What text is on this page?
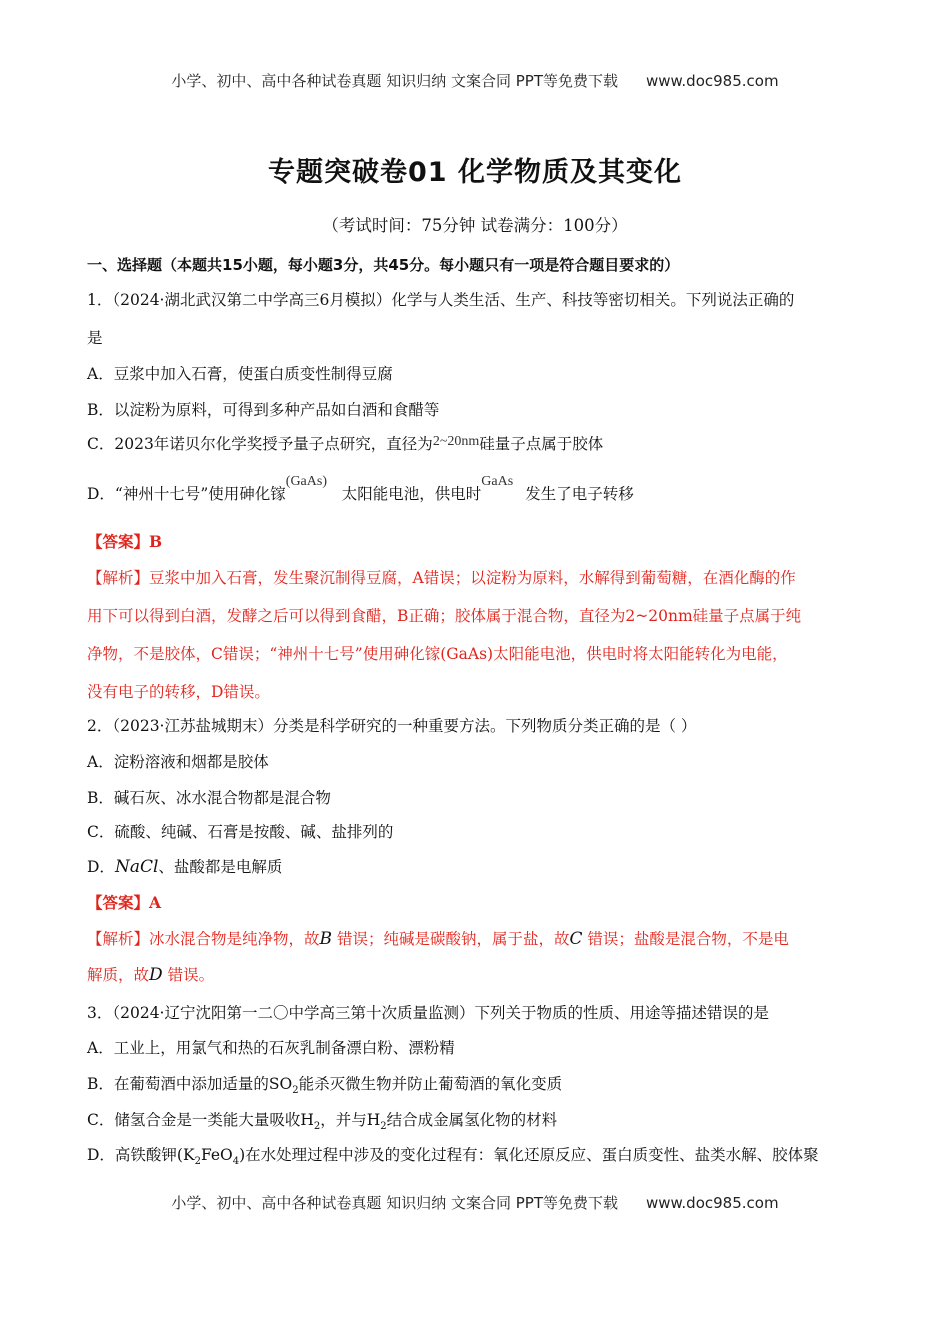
小学、初中、高中各种试卷真题 知识归纳 文案合同 PPT等免费下载 www.doc985.com
专题突破卷01 化学物质及其变化
（考试时间：75分钟 试卷满分：100分）
一、选择题（本题共15小题，每小题3分，共45分。每小题只有一项是符合题目要求的）
1．（2024·湖北武汉第二中学高三6月模拟）化学与人类生活、生产、科技等密切相关。下列说法正确的
是
A．豆浆中加入石膏，使蛋白质变性制得豆腐
B．以淀粉为原料，可得到多种产品如白酒和食醋等
C．2023年诺贝尔化学奖授予量子点研究，直径为2~20nm硅量子点属于胶体
D．“神州十七号”使用砷化镓(GaAs)太阳能电池，供电时GaAs发生了电子转移
【答案】B
【解析】豆浆中加入石膏，发生聚沉制得豆腐，A错误；以淀粉为原料，水解得到葡萄糖，在酒化酶的作
用下可以得到白酒，发酵之后可以得到食醋，B正确；胶体属于混合物，直径为2~20nm硅量子点属于纯
净物，不是胶体，C错误；“神州十七号”使用砷化镓(GaAs)太阳能电池，供电时将太阳能转化为电能，
没有电子的转移，D错误。
2．（2023·江苏盐城期末）分类是科学研究的一种重要方法。下列物质分类正确的是（ ）
A．淀粉溶液和烟都是胶体
B．碱石灰、冰水混合物都是混合物
C．硫酸、纯碱、石膏是按酸、碱、盐排列的
D．NaCl、盐酸都是电解质
【答案】A
【解析】冰水混合物是纯净物，故B 错误；纯碱是碳酸钠，属于盐，故C 错误；盐酸是混合物，不是电
解质，故D 错误。
3．（2024·辽宁沈阳第一二〇中学高三第十次质量监测）下列关于物质的性质、用途等描述错误的是
A．工业上，用氯气和热的石灰乳制备漂白粉、漂粉精
B．在葡萄酒中添加适量的$SO_2$能杀灭微生物并防止葡萄酒的氧化变质
C．储氢合金是一类能大量吸收$H_2$，并与$H_2$结合成金属氢化物的材料
D．高铁酸钾$(K_2FeO_4)$在水处理过程中涉及的变化过程有：氧化还原反应、蛋白质变性、盐类水解、胶体聚
小学、初中、高中各种试卷真题 知识归纳 文案合同 PPT等免费下载 www.doc985.com
